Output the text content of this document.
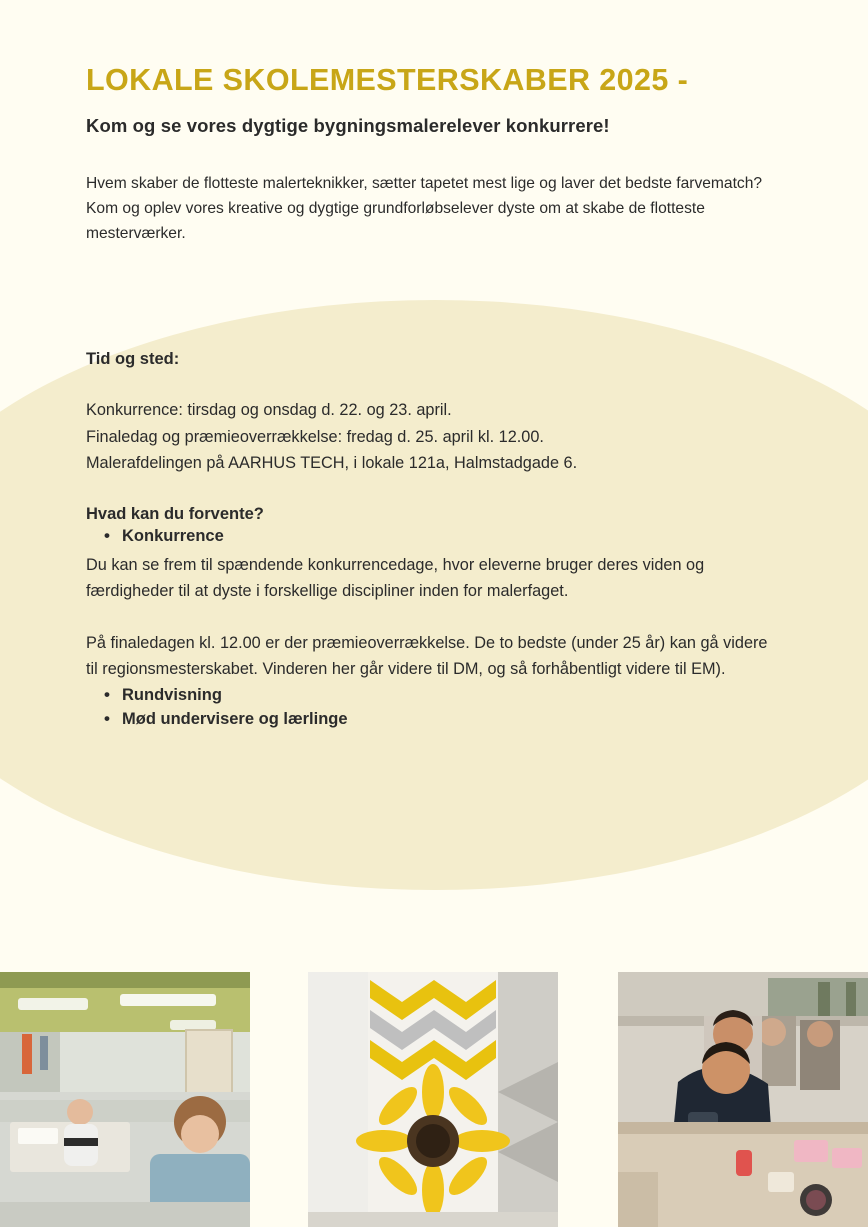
LOKALE SKOLEMESTERSKABER 2025 -

Kom og se vores dygtige bygningsmalerelever konkurrere!

Hvem skaber de flotteste malerteknikker, sætter tapetet mest lige og laver det bedste farvematch? Kom og oplev vores kreative og dygtige grundforløbselever dyste om at skabe de flotteste mesterværker.

Tid og sted:

Konkurrence: tirsdag og onsdag d. 22. og 23. april.
Finaledag og præmieoverrækkelse: fredag d. 25. april kl. 12.00.
Malerafdelingen på AARHUS TECH, i lokale 121a, Halmstadgade 6.

Hvad kan du forvente?

• Konkurrence

Du kan se frem til spændende konkurrencedage, hvor eleverne bruger deres viden og færdigheder til at dyste i forskellige discipliner inden for malerfaget.

På finaledagen kl. 12.00 er der præmieoverrækkelse. De to bedste (under 25 år) kan gå videre til regionsmesterskabet. Vinderen her går videre til DM, og så forhåbentligt videre til EM).

• Rundvisning
• Mød undervisere og lærlinge
